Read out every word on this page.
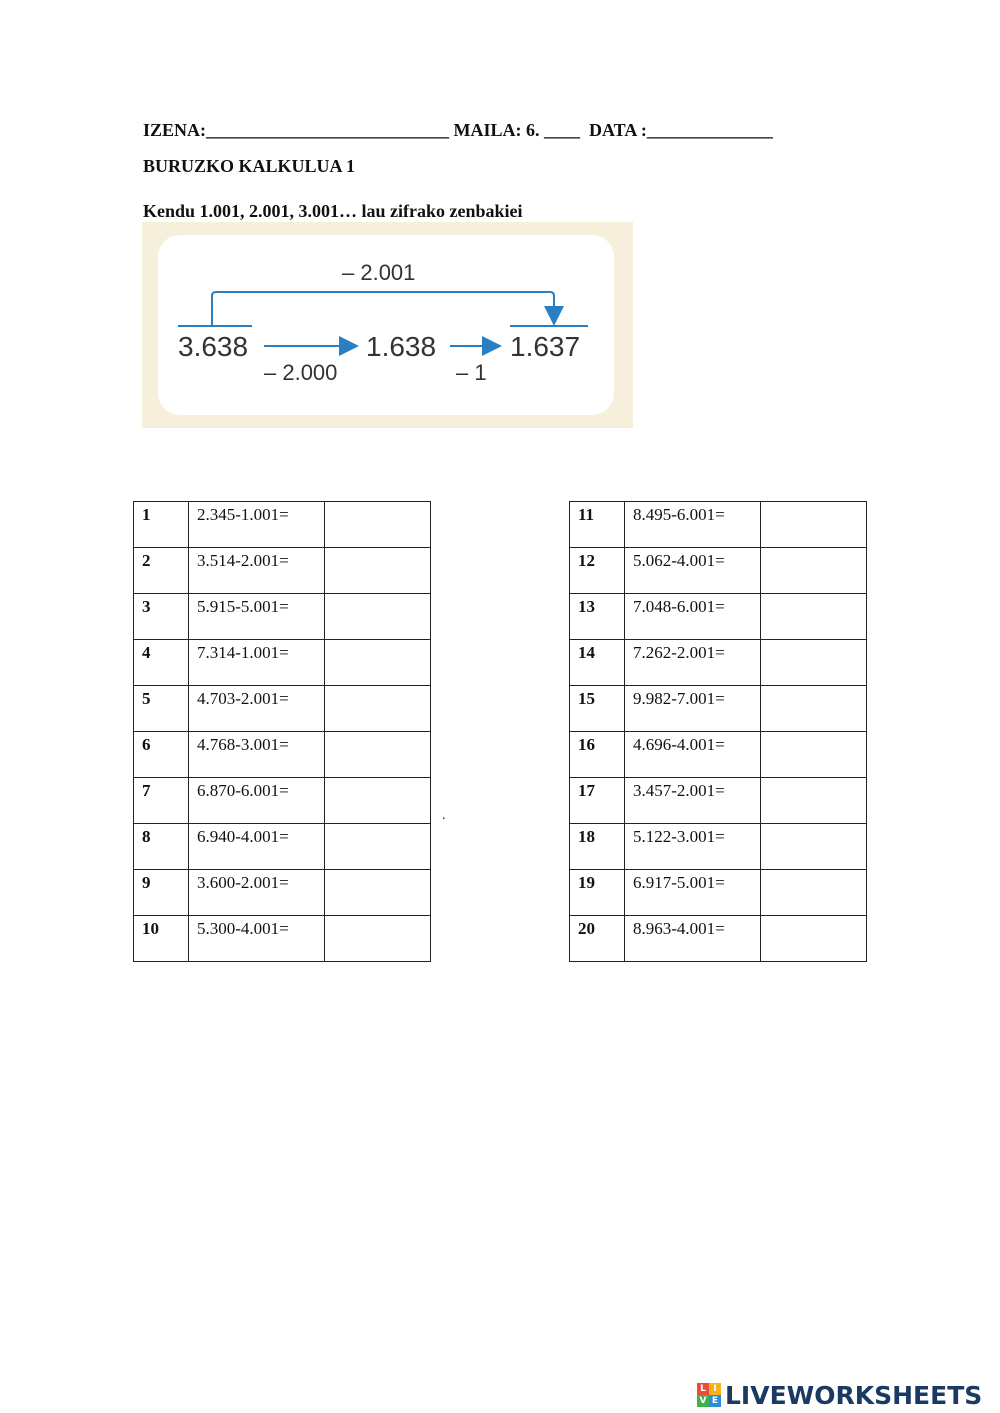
IZENA:___________________________ MAILA: 6. ____  DATA :______________
BURUZKO KALKULUA 1
Kendu 1.001, 2.001, 3.001… lau zifrako zenbakiei
– 2.001
3.638	1.638	1.637
– 2.000	– 1
1	2.345-1.001=	
2	3.514-2.001=	
3	5.915-5.001=	
4	7.314-1.001=	
5	4.703-2.001=	
6	4.768-3.001=	
7	6.870-6.001=	
8	6.940-4.001=	
9	3.600-2.001=	
10	5.300-4.001=	
11	8.495-6.001=	
12	5.062-4.001=	
13	7.048-6.001=	
14	7.262-2.001=	
15	9.982-7.001=	
16	4.696-4.001=	
17	3.457-2.001=	
18	5.122-3.001=	
19	6.917-5.001=	
20	8.963-4.001=	
.
L I
V E LIVEWORKSHEETS
